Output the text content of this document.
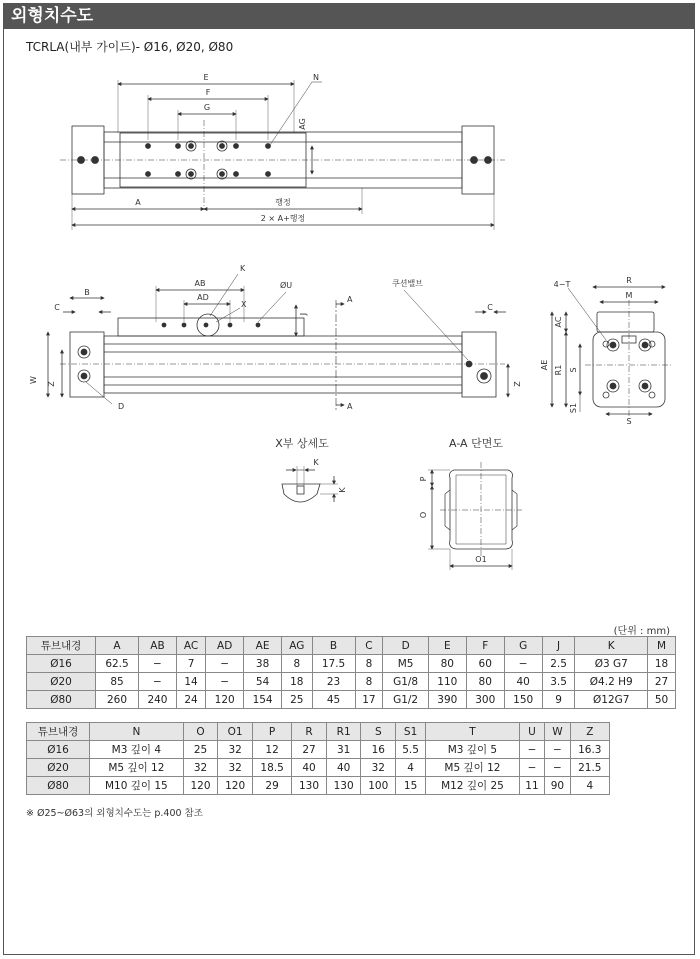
외형치수도
TCRLA(내부 가이드)- Ø16, Ø20, Ø80
E
F
G
N
AG
A	행정
2 × A+행정
B
C
AB
AD
K
X
ØU
J
A
A
쿠션밸브
W
Z
D
C
Z
4−T	R
M
AC
AE R1 S
S1
S
X부 상세도
K
K
A-A 단면도
P
O
O1
(단위 : mm)
튜브내경	A	AB	AC	AD	AE	AG	B	C	D	E	F	G	J	K	M
Ø16	62.5	−	7	−	38	8	17.5	8	M5	80	60	−	2.5	Ø3 G7	18
Ø20	85	−	14	−	54	18	23	8	G1/8	110	80	40	3.5	Ø4.2 H9	27
Ø80	260	240	24	120	154	25	45	17	G1/2	390	300	150	9	Ø12G7	50
튜브내경	N	O	O1	P	R	R1	S	S1	T	U	W	Z
Ø16	M3 깊이 4	25	32	12	27	31	16	5.5	M3 깊이 5	−	−	16.3
Ø20	M5 깊이 12	32	32	18.5	40	40	32	4	M5 깊이 12	−	−	21.5
Ø80	M10 깊이 15	120	120	29	130	130	100	15	M12 깊이 25	11	90	4
※ Ø25~Ø63의 외형치수도는 p.400 참조
